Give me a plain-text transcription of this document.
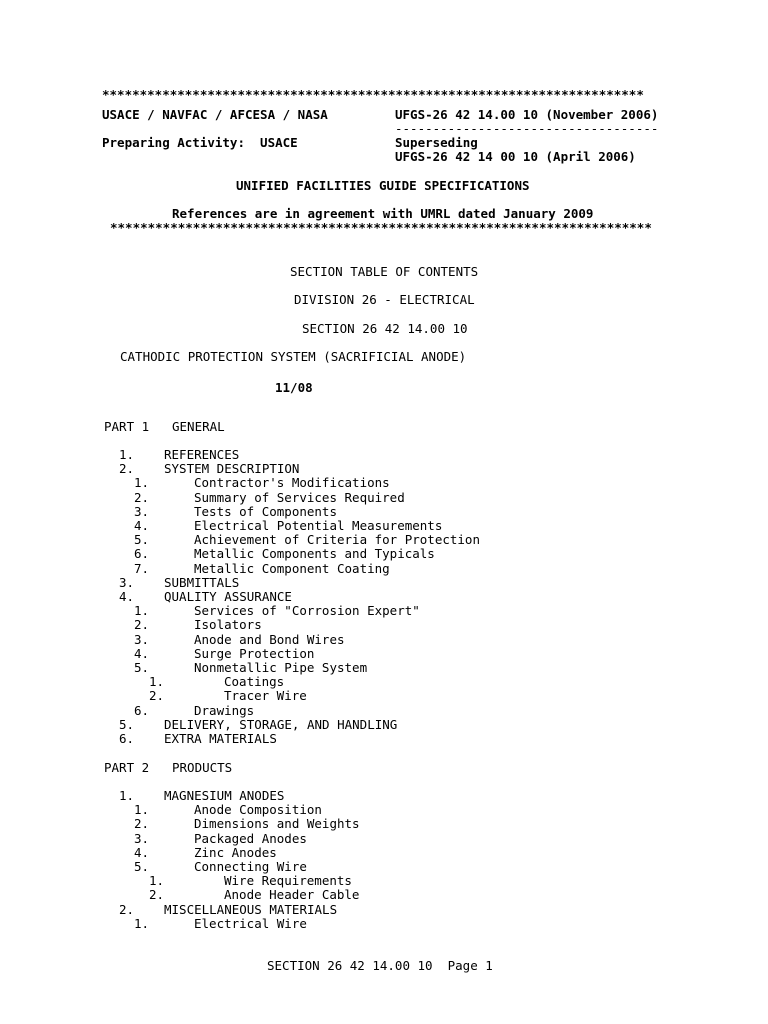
************************************************************************
USACE / NAVFAC / AFCESA / NASA	UFGS-26 42 14.00 10 (November 2006)
-----------------------------------
Preparing Activity:  USACE	Superseding
UFGS-26 42 14 00 10 (April 2006)
UNIFIED FACILITIES GUIDE SPECIFICATIONS
References are in agreement with UMRL dated January 2009
************************************************************************
SECTION TABLE OF CONTENTS
DIVISION 26 - ELECTRICAL
SECTION 26 42 14.00 10
CATHODIC PROTECTION SYSTEM (SACRIFICIAL ANODE)
11/08
PART 1 GENERAL
1. REFERENCES
2. SYSTEM DESCRIPTION
1.	Contractor's Modifications
2.	Summary of Services Required
3.	Tests of Components
4.	Electrical Potential Measurements
5.	Achievement of Criteria for Protection
6.	Metallic Components and Typicals
7.	Metallic Component Coating
3. SUBMITTALS
4. QUALITY ASSURANCE
1.	Services of "Corrosion Expert"
2.	Isolators
3.	Anode and Bond Wires
4.	Surge Protection
5.	Nonmetallic Pipe System
1.	Coatings
2.	Tracer Wire
6.	Drawings
5. DELIVERY, STORAGE, AND HANDLING
6. EXTRA MATERIALS
PART 2 PRODUCTS
1. MAGNESIUM ANODES
1.	Anode Composition
2.	Dimensions and Weights
3.	Packaged Anodes
4.	Zinc Anodes
5.	Connecting Wire
1.	Wire Requirements
2.	Anode Header Cable
2. MISCELLANEOUS MATERIALS
1.	Electrical Wire
SECTION 26 42 14.00 10  Page 1
